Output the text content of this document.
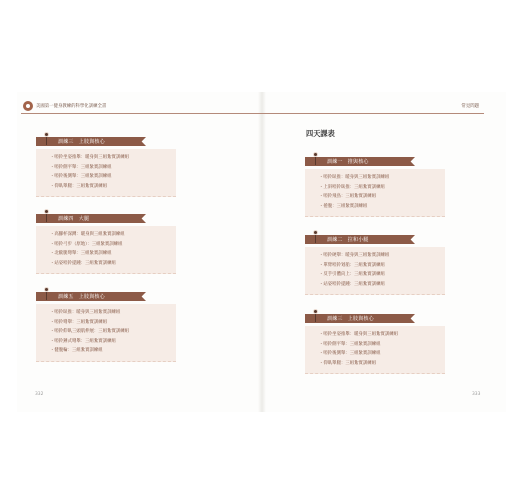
美國第一健身教練的科學化訓練全書	常見問題
訓練三　上肢與核心
・啞鈴坐姿推舉：暖身與三組紮實訓練組
・啞鈴側平舉：三組紮實訓練組
・啞鈴後側舉：三組紮實訓練組
・仰臥舉腿：三組紮實訓練組
訓練四　大腿
・高腳杯深蹲：暖身與三組紮實訓練組
・啞鈴弓步（原地）：三組紮實訓練組
・北歐腿彎舉：三組紮實訓練組
・站姿啞鈴提踵：三組紮實訓練組
訓練五　上肢與核心
・啞鈴臥推：暖身與三組紮實訓練組
・啞鈴彎舉：三組紮實訓練組
・啞鈴仰臥三頭肌伸展：三組紮實訓練組
・啞鈴錘式彎舉：三組紮實訓練組
・健腹輪：三組紮實訓練組
332
四天課表
訓練一　推與核心
・啞鈴臥推：暖身與三組紮實訓練組
・上斜啞鈴臥推：三組紮實訓練組
・啞鈴飛鳥：三組紮實訓練組
・捲腹：三組紮實訓練組
訓練二　拉和小腿
・啞鈴硬舉：暖身與三組紮實訓練組
・單臂啞鈴划船：三組紮實訓練組
・反手引體向上：三組紮實訓練組
・站姿啞鈴提踵：三組紮實訓練組
訓練三　上肢與核心
・啞鈴坐姿推舉：暖身與三組紮實訓練組
・啞鈴側平舉：三組紮實訓練組
・啞鈴後側舉：三組紮實訓練組
・仰臥舉腿：三組紮實訓練組
333
